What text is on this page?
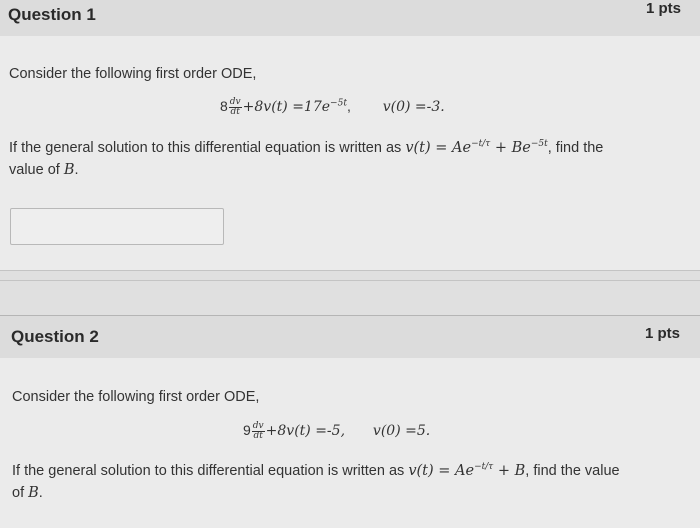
Question 1	1 pts
Consider the following first order ODE,
$8 \frac{dv}{dt} +8v(t) =17e^{-5t}$, v(0) =-3.
If the general solution to this differential equation is written as $v(t) = Ae^{-t/\tau} + Be^{-5t}$, find the
value of B.
Question 2	1 pts
Consider the following first order ODE,
$9 \frac{dv}{dt} +8v(t) =-5$, v(0) =5.
If the general solution to this differential equation is written as $v(t) = Ae^{-t/\tau} + B$, find the value
of B.
